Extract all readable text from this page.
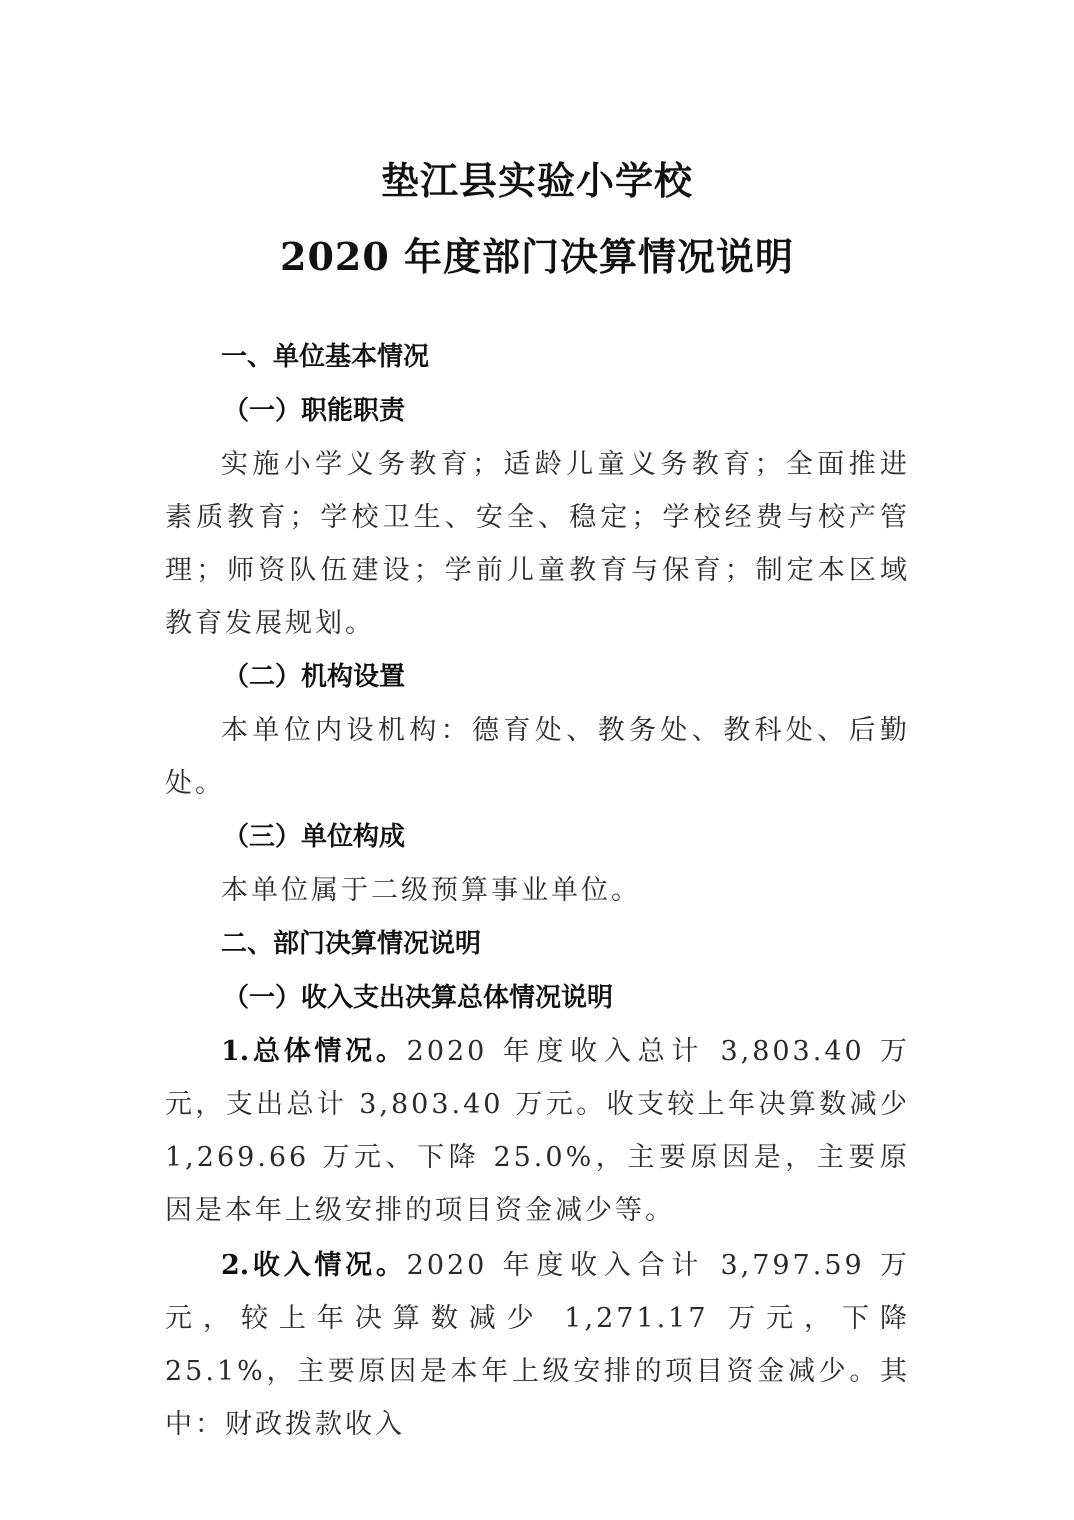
垫江县实验小学校
2020 年度部门决算情况说明

一、单位基本情况

（一）职能职责

实施小学义务教育；适龄儿童义务教育；全面推进素质教育；学校卫生、安全、稳定；学校经费与校产管理；师资队伍建设；学前儿童教育与保育；制定本区域教育发展规划。

（二）机构设置

本单位内设机构：德育处、教务处、教科处、后勤处。

（三）单位构成

本单位属于二级预算事业单位。

二、部门决算情况说明

（一）收入支出决算总体情况说明

1.总体情况。2020 年度收入总计 3,803.40 万元，支出总计 3,803.40 万元。收支较上年决算数减少 1,269.66 万元、下降 25.0%，主要原因是，主要原因是本年上级安排的项目资金减少等。

2.收入情况。2020 年度收入合计 3,797.59 万元，较上年决算数减少 1,271.17 万元，下降 25.1%，主要原因是本年上级安排的项目资金减少。其中：财政拨款收入
